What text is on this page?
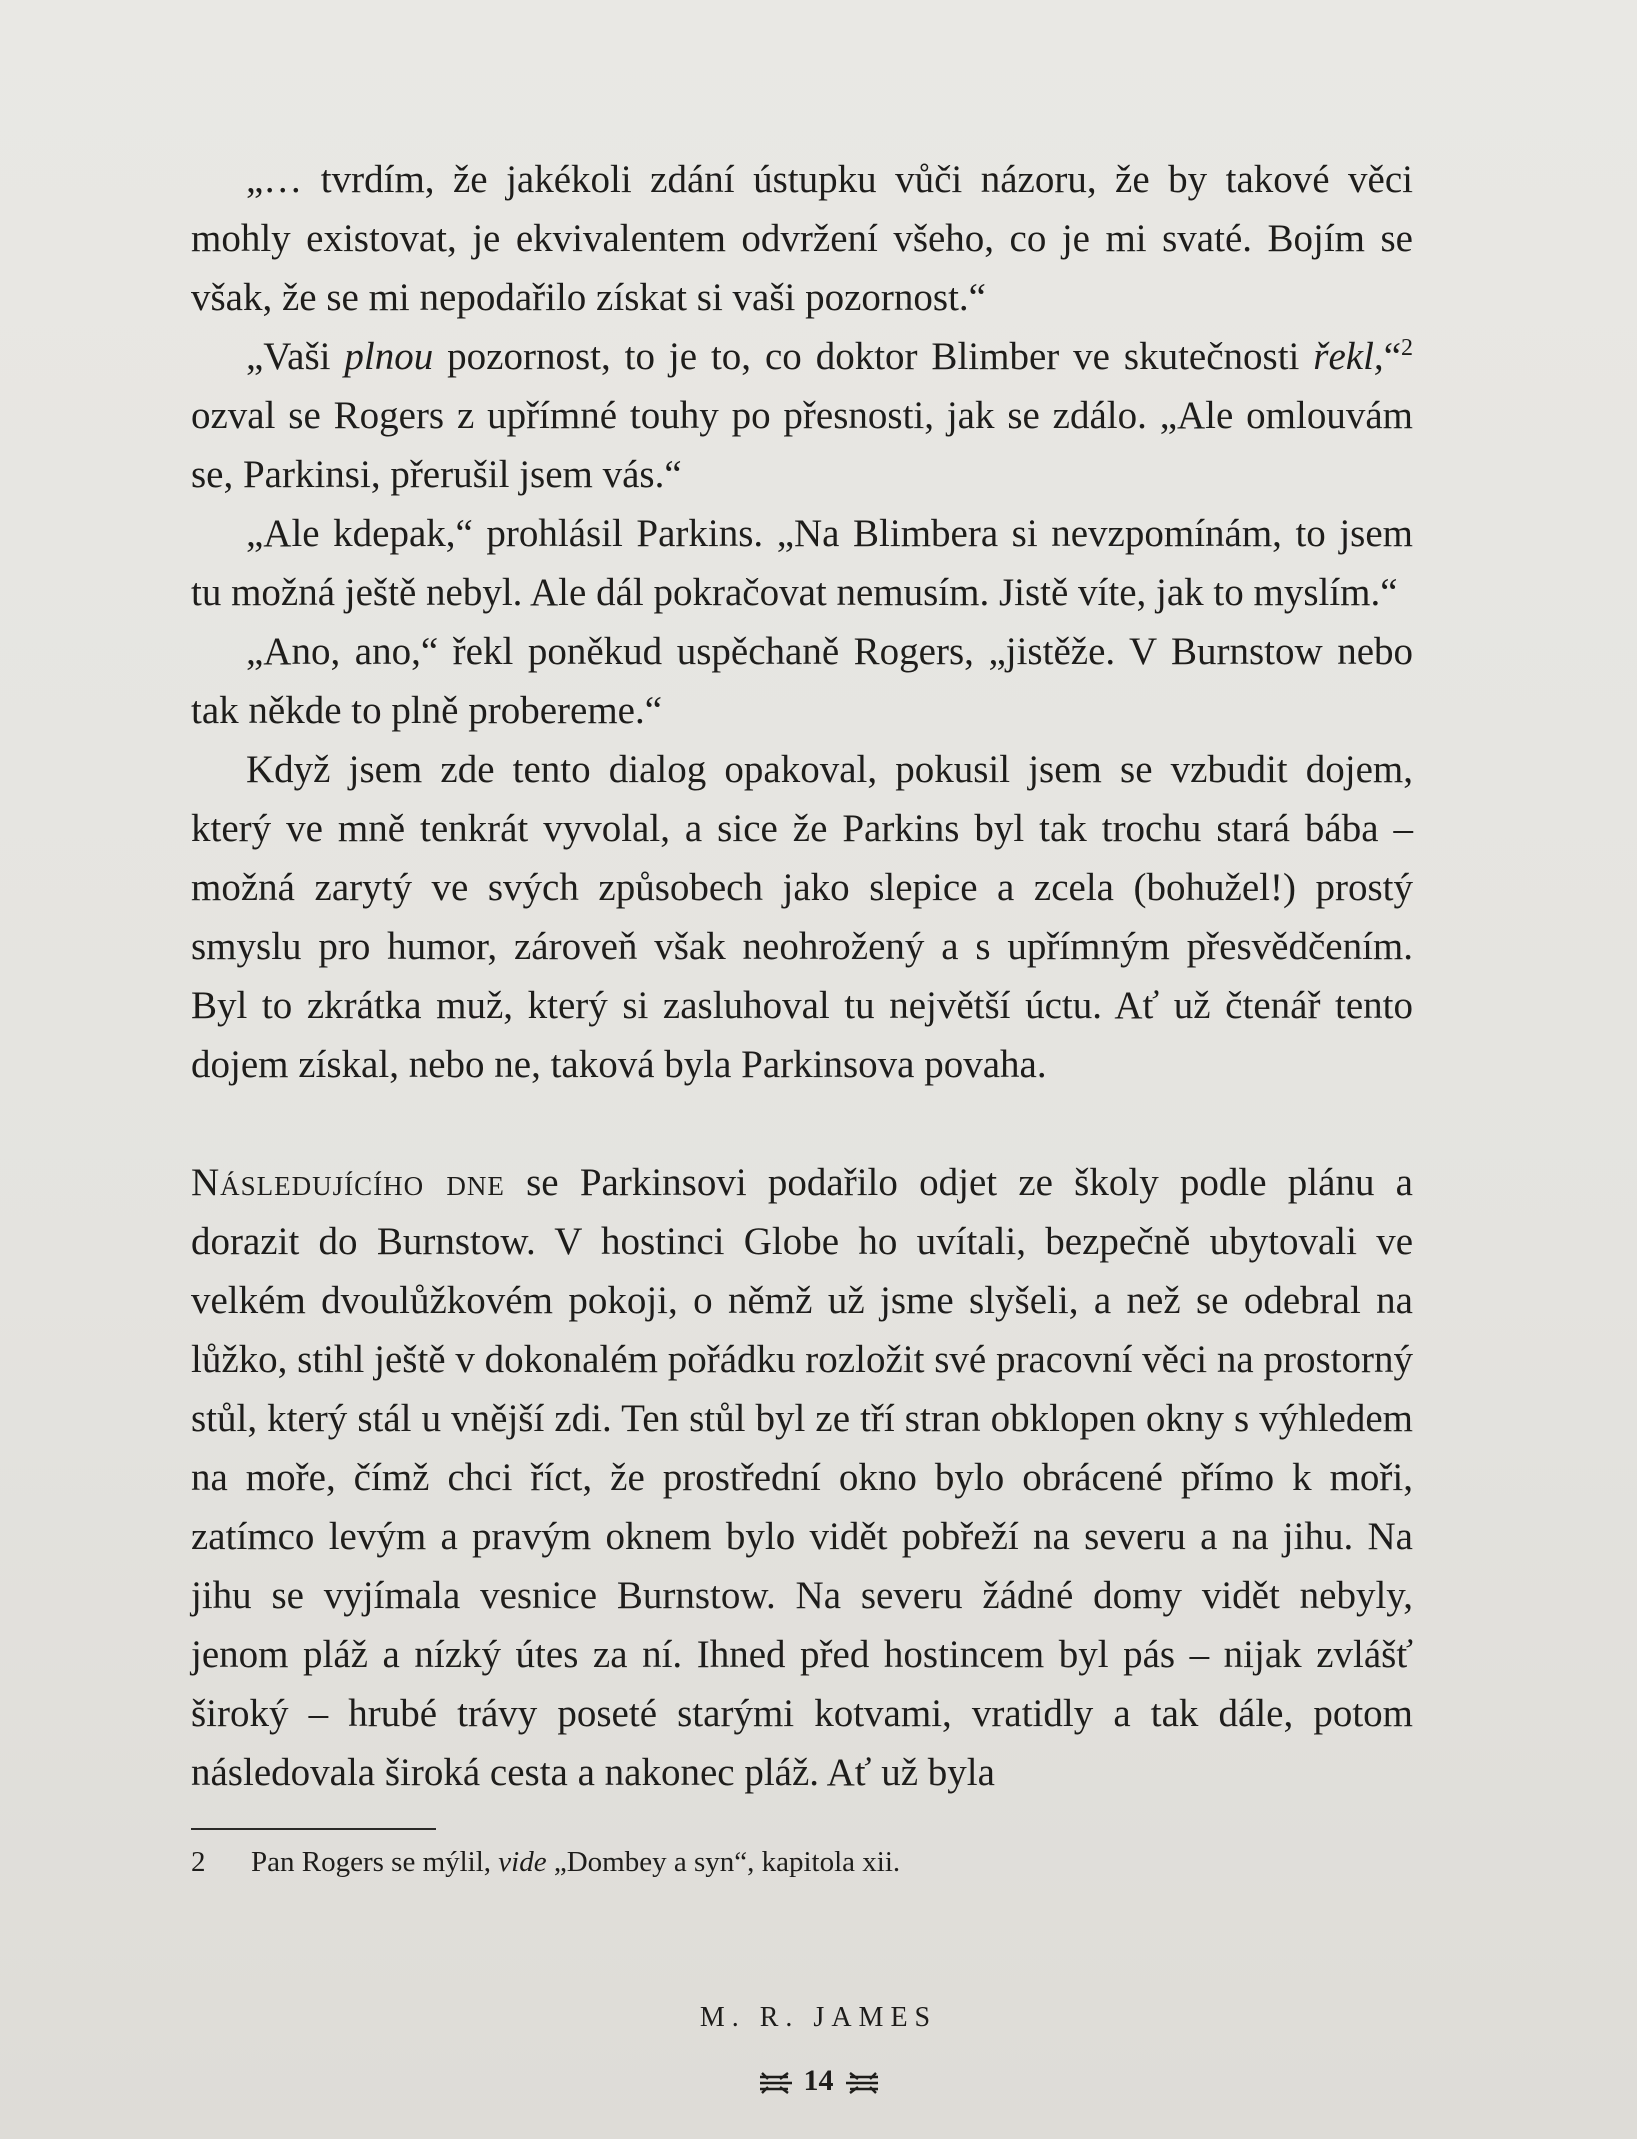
„… tvrdím, že jakékoli zdání ústupku vůči názoru, že by takové věci mohly existovat, je ekvivalentem odvržení všeho, co je mi svaté. Bojím se však, že se mi nepodařilo získat si vaši pozornost.“

„Vaši plnou pozornost, to je to, co doktor Blimber ve skutečnosti řekl,“$^2$ ozval se Rogers z upřímné touhy po přesnosti, jak se zdálo. „Ale omlouvám se, Parkinsi, přerušil jsem vás.“

„Ale kdepak,“ prohlásil Parkins. „Na Blimbera si nevzpomínám, to jsem tu možná ještě nebyl. Ale dál pokračovat nemusím. Jistě víte, jak to myslím.“

„Ano, ano,“ řekl poněkud uspěchaně Rogers, „jistěže. V Burnstow nebo tak někde to plně probereme.“

Když jsem zde tento dialog opakoval, pokusil jsem se vzbudit dojem, který ve mně tenkrát vyvolal, a sice že Parkins byl tak trochu stará bába – možná zarytý ve svých způsobech jako slepice a zcela (bohužel!) prostý smyslu pro humor, zároveň však neohrožený a s upřímným přesvědčením. Byl to zkrátka muž, který si zasluhoval tu největší úctu. Ať už čtenář tento dojem získal, nebo ne, taková byla Parkinsova povaha.

Následujícího dne se Parkinsovi podařilo odjet ze školy podle plánu a dorazit do Burnstow. V hostinci Globe ho uvítali, bezpečně ubytovali ve velkém dvoulůžkovém pokoji, o němž už jsme slyšeli, a než se odebral na lůžko, stihl ještě v dokonalém pořádku rozložit své pracovní věci na prostorný stůl, který stál u vnější zdi. Ten stůl byl ze tří stran obklopen okny s výhledem na moře, čímž chci říct, že prostřední okno bylo obrácené přímo k moři, zatímco levým a pravým oknem bylo vidět pobřeží na severu a na jihu. Na jihu se vyjímala vesnice Burnstow. Na severu žádné domy vidět nebyly, jenom pláž a nízký útes za ní. Ihned před hostincem byl pás – nijak zvlášť široký – hrubé trávy poseté starými kotvami, vratidly a tak dále, potom následovala široká cesta a nakonec pláž. Ať už byla

2 Pan Rogers se mýlil, vide „Dombey a syn“, kapitola xii.
M. R. JAMES
14
